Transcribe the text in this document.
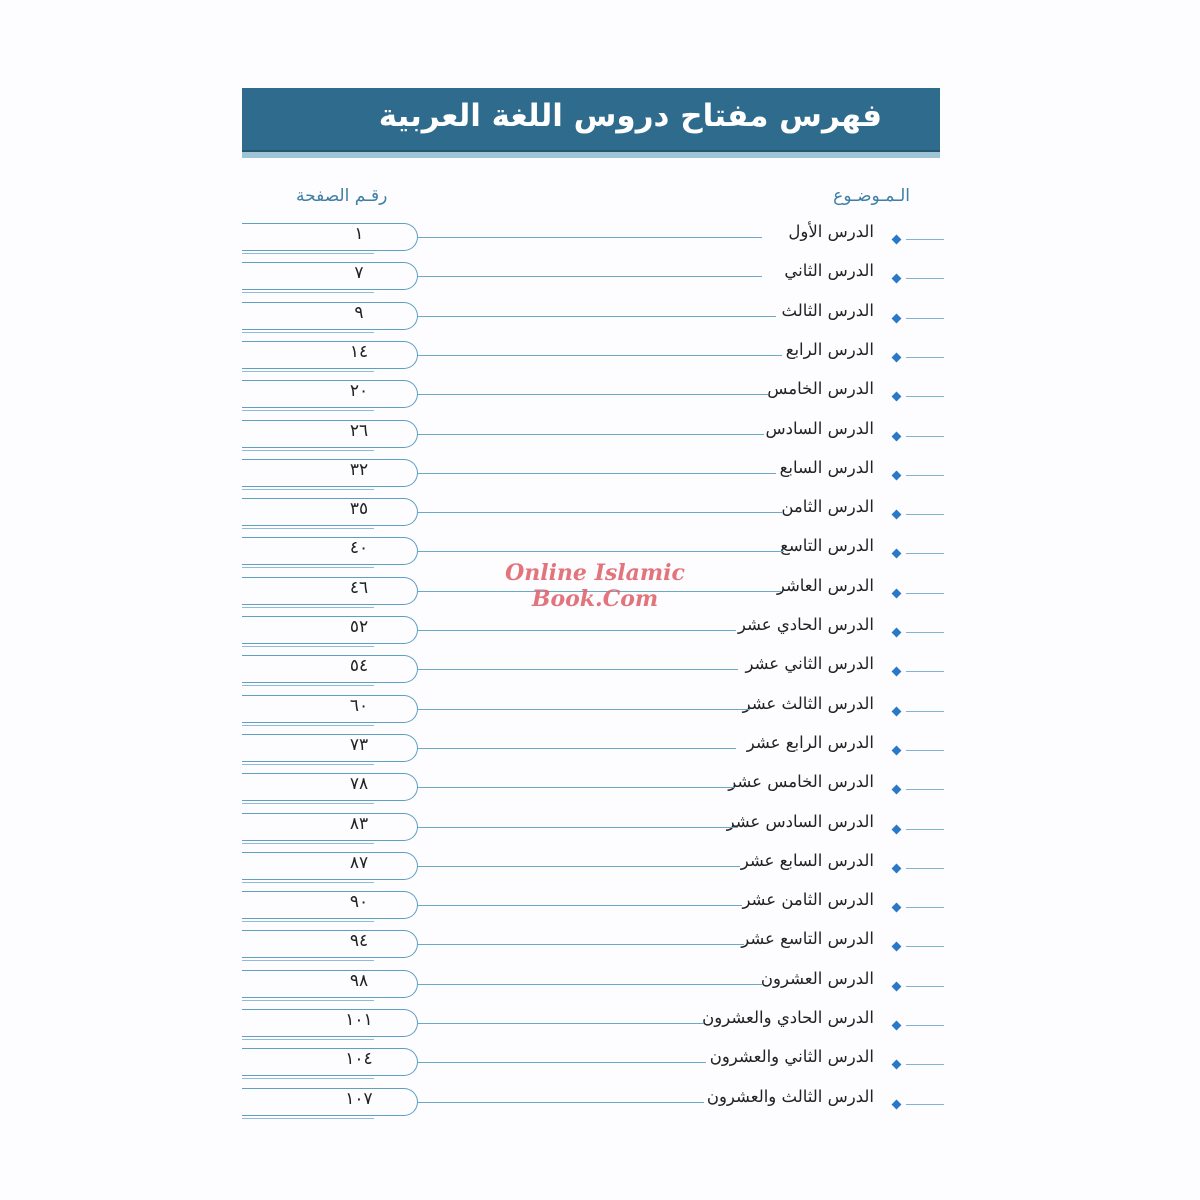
فهرس مفتاح دروس اللغة العربية
الـمـوضـوع
رقـم الصفحة
الدرس الأول
١
الدرس الثاني
٧
الدرس الثالث
٩
الدرس الرابع
١٤
الدرس الخامس
٢٠
الدرس السادس
٢٦
الدرس السابع
٣٢
الدرس الثامن
٣٥
الدرس التاسع
٤٠
الدرس العاشر
٤٦
الدرس الحادي عشر
٥٢
الدرس الثاني عشر
٥٤
الدرس الثالث عشر
٦٠
الدرس الرابع عشر
٧٣
الدرس الخامس عشر
٧٨
الدرس السادس عشر
٨٣
الدرس السابع عشر
٨٧
الدرس الثامن عشر
٩٠
الدرس التاسع عشر
٩٤
الدرس العشرون
٩٨
الدرس الحادي والعشرون
١٠١
الدرس الثاني والعشرون
١٠٤
الدرس الثالث والعشرون
١٠٧
Online Islamic
Book.Com
